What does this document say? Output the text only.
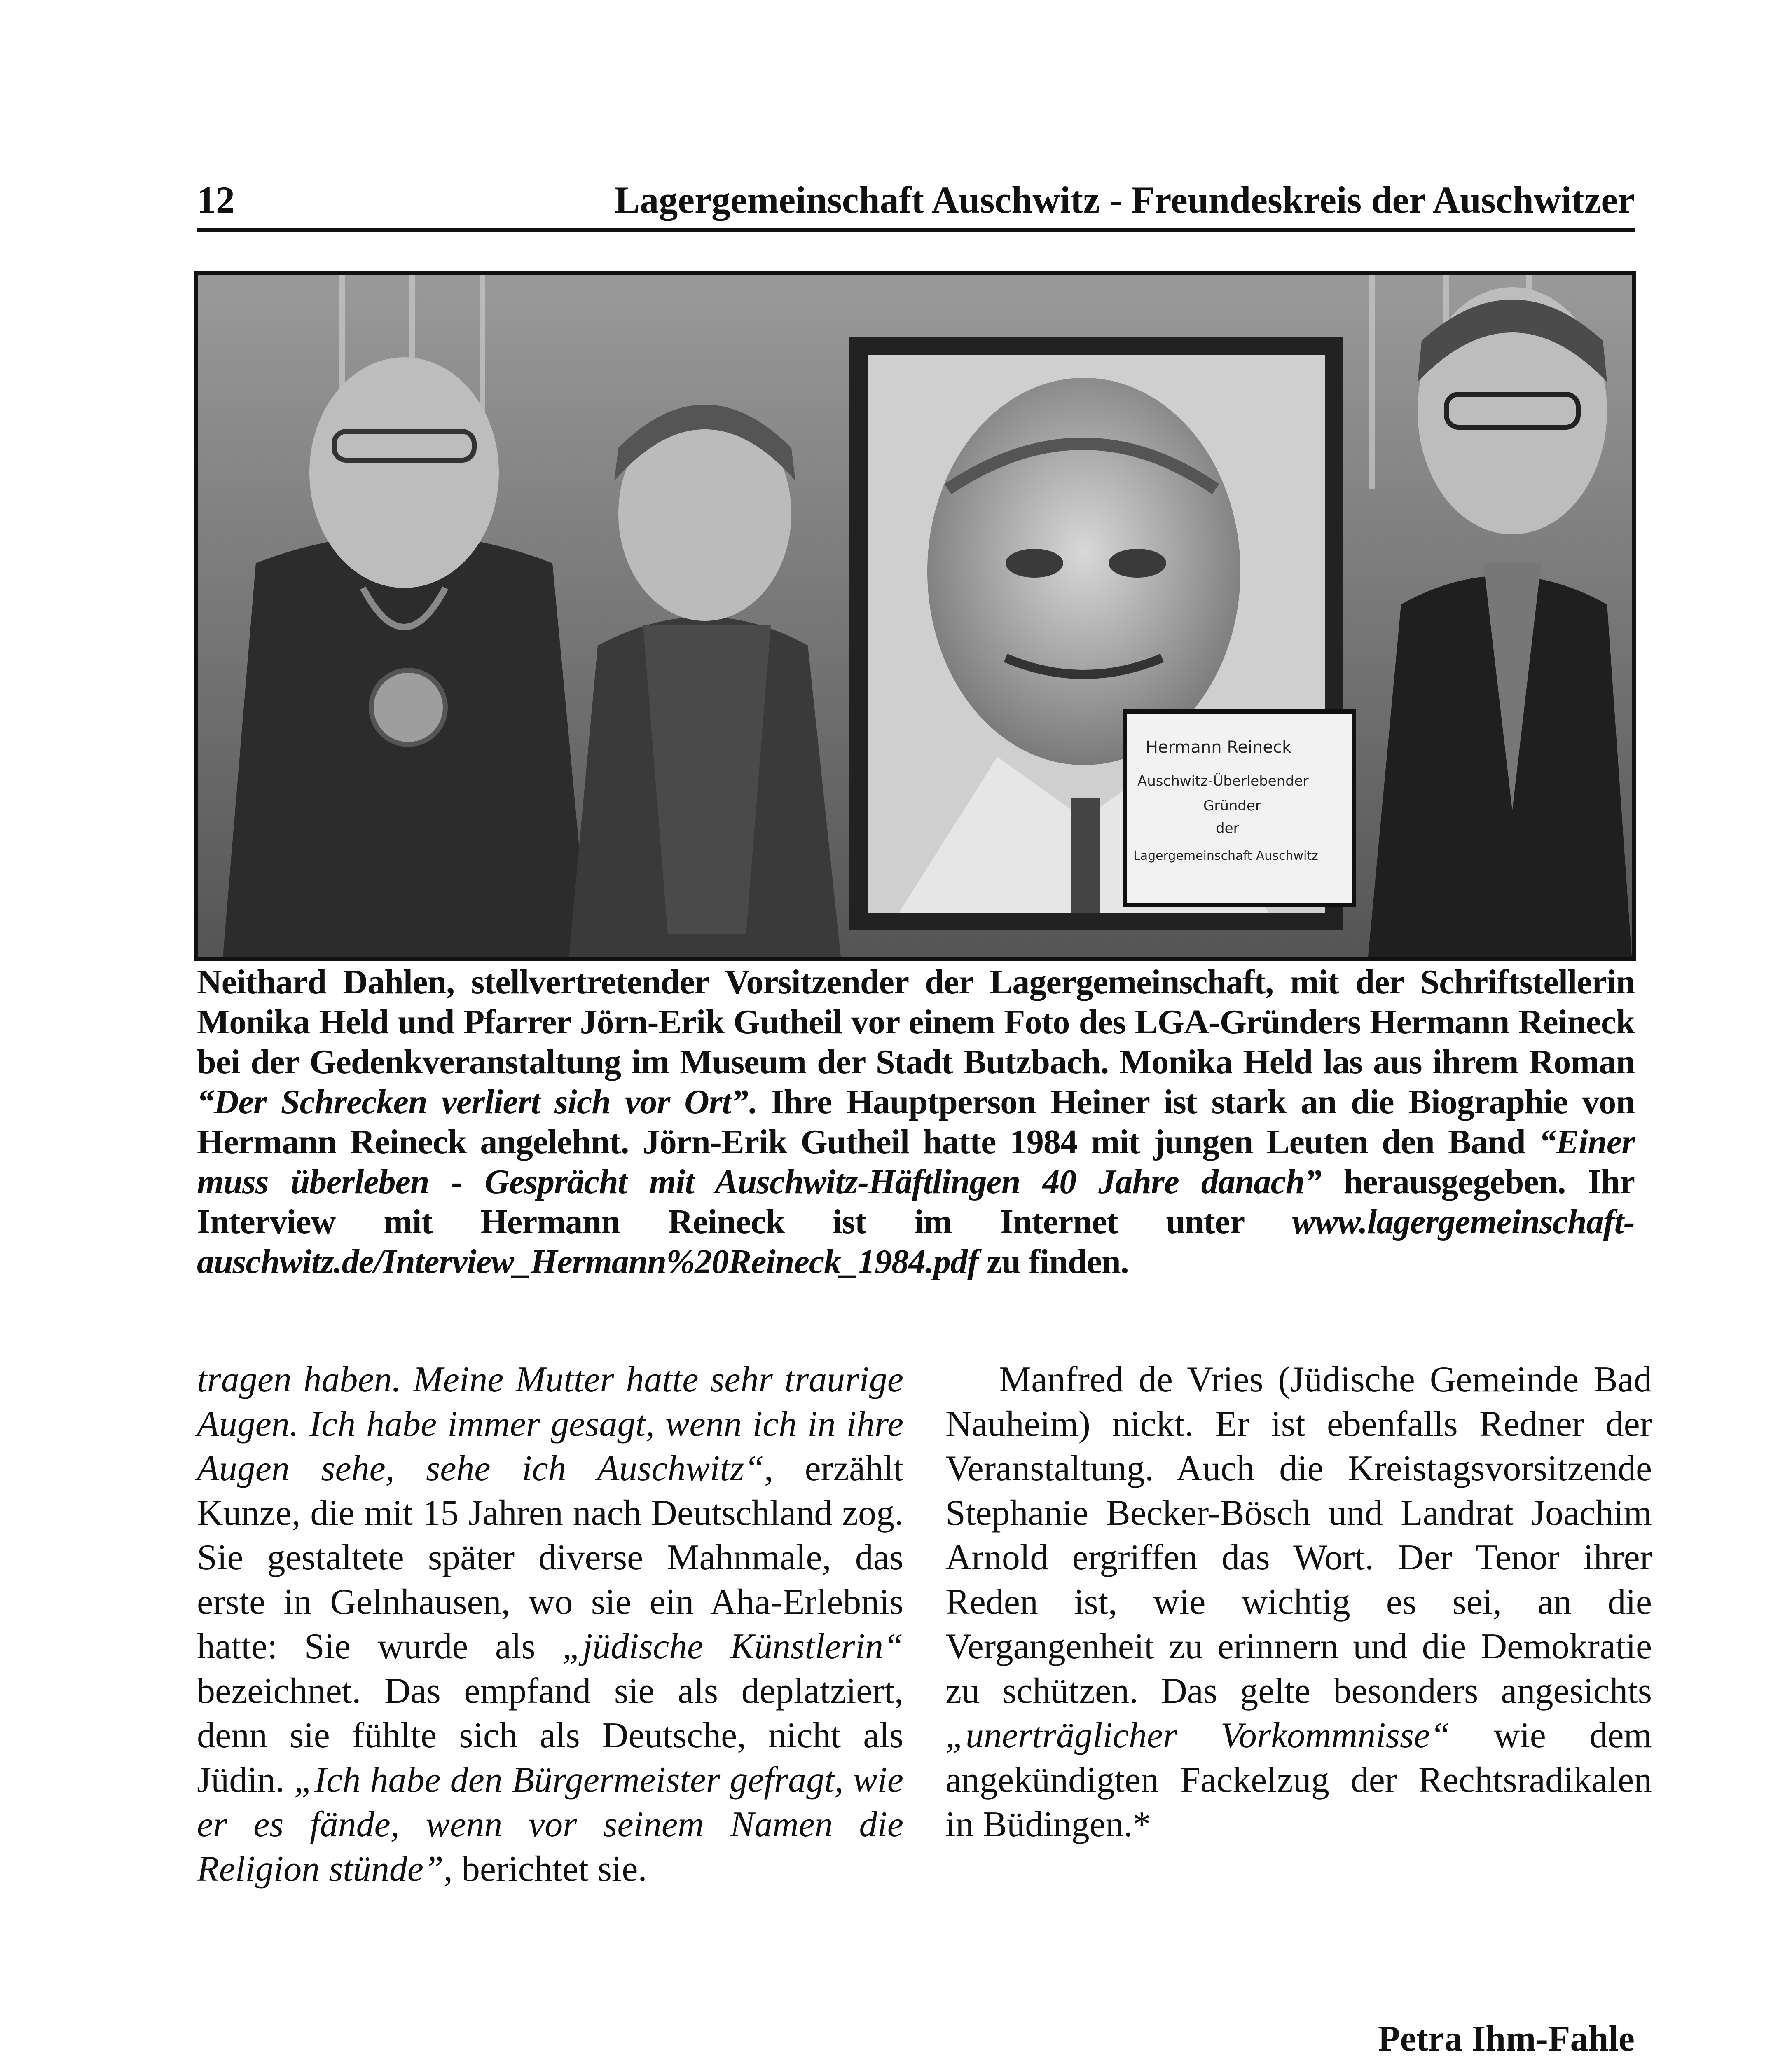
12	Lagergemeinschaft Auschwitz - Freundeskreis der Auschwitzer
Hermann Reineck
Auschwitz-Überlebender
Gründer
der
Lagergemeinschaft Auschwitz
Neithard Dahlen, stellvertretender Vorsitzender der Lagergemeinschaft, mit der Schriftstellerin Monika Held und Pfarrer Jörn-Erik Gutheil vor einem Foto des LGA-Gründers Hermann Reineck bei der Gedenkveranstaltung im Museum der Stadt Butzbach. Monika Held las aus ihrem Roman “Der Schrecken verliert sich vor Ort”. Ihre Hauptperson Heiner ist stark an die Biographie von Hermann Reineck angelehnt. Jörn-Erik Gutheil hatte 1984 mit jungen Leuten den Band “Einer muss überleben - Gesprächt mit Auschwitz-Häftlingen 40 Jahre danach” herausgegeben. Ihr Interview mit Hermann Reineck ist im Internet unter www.lagergemeinschaft-auschwitz.de/Interview_Hermann%20Reineck_1984.pdf zu finden.
tragen haben. Meine Mutter hatte sehr traurige Augen. Ich habe immer gesagt, wenn ich in ihre Augen sehe, sehe ich Auschwitz“, erzählt Kunze, die mit 15 Jahren nach Deutschland zog. Sie gestaltete später diverse Mahnmale, das erste in Gelnhausen, wo sie ein Aha-Erlebnis hatte: Sie wurde als „jüdische Künstlerin“ bezeichnet. Das empfand sie als deplatziert, denn sie fühlte sich als Deutsche, nicht als Jüdin. „Ich habe den Bürgermeister gefragt, wie er es fände, wenn vor seinem Namen die Religion stünde”, berichtet sie.
Manfred de Vries (Jüdische Gemeinde Bad Nauheim) nickt. Er ist ebenfalls Redner der Veranstaltung. Auch die Kreistagsvorsitzende Stephanie Becker-Bösch und Landrat Joachim Arnold ergriffen das Wort. Der Tenor ihrer Reden ist, wie wichtig es sei, an die Vergangenheit zu erinnern und die Demokratie zu schützen. Das gelte besonders angesichts „unerträglicher Vorkommnisse“ wie dem angekündigten Fackelzug der Rechtsradikalen in Büdingen.*
Petra Ihm-Fahle
